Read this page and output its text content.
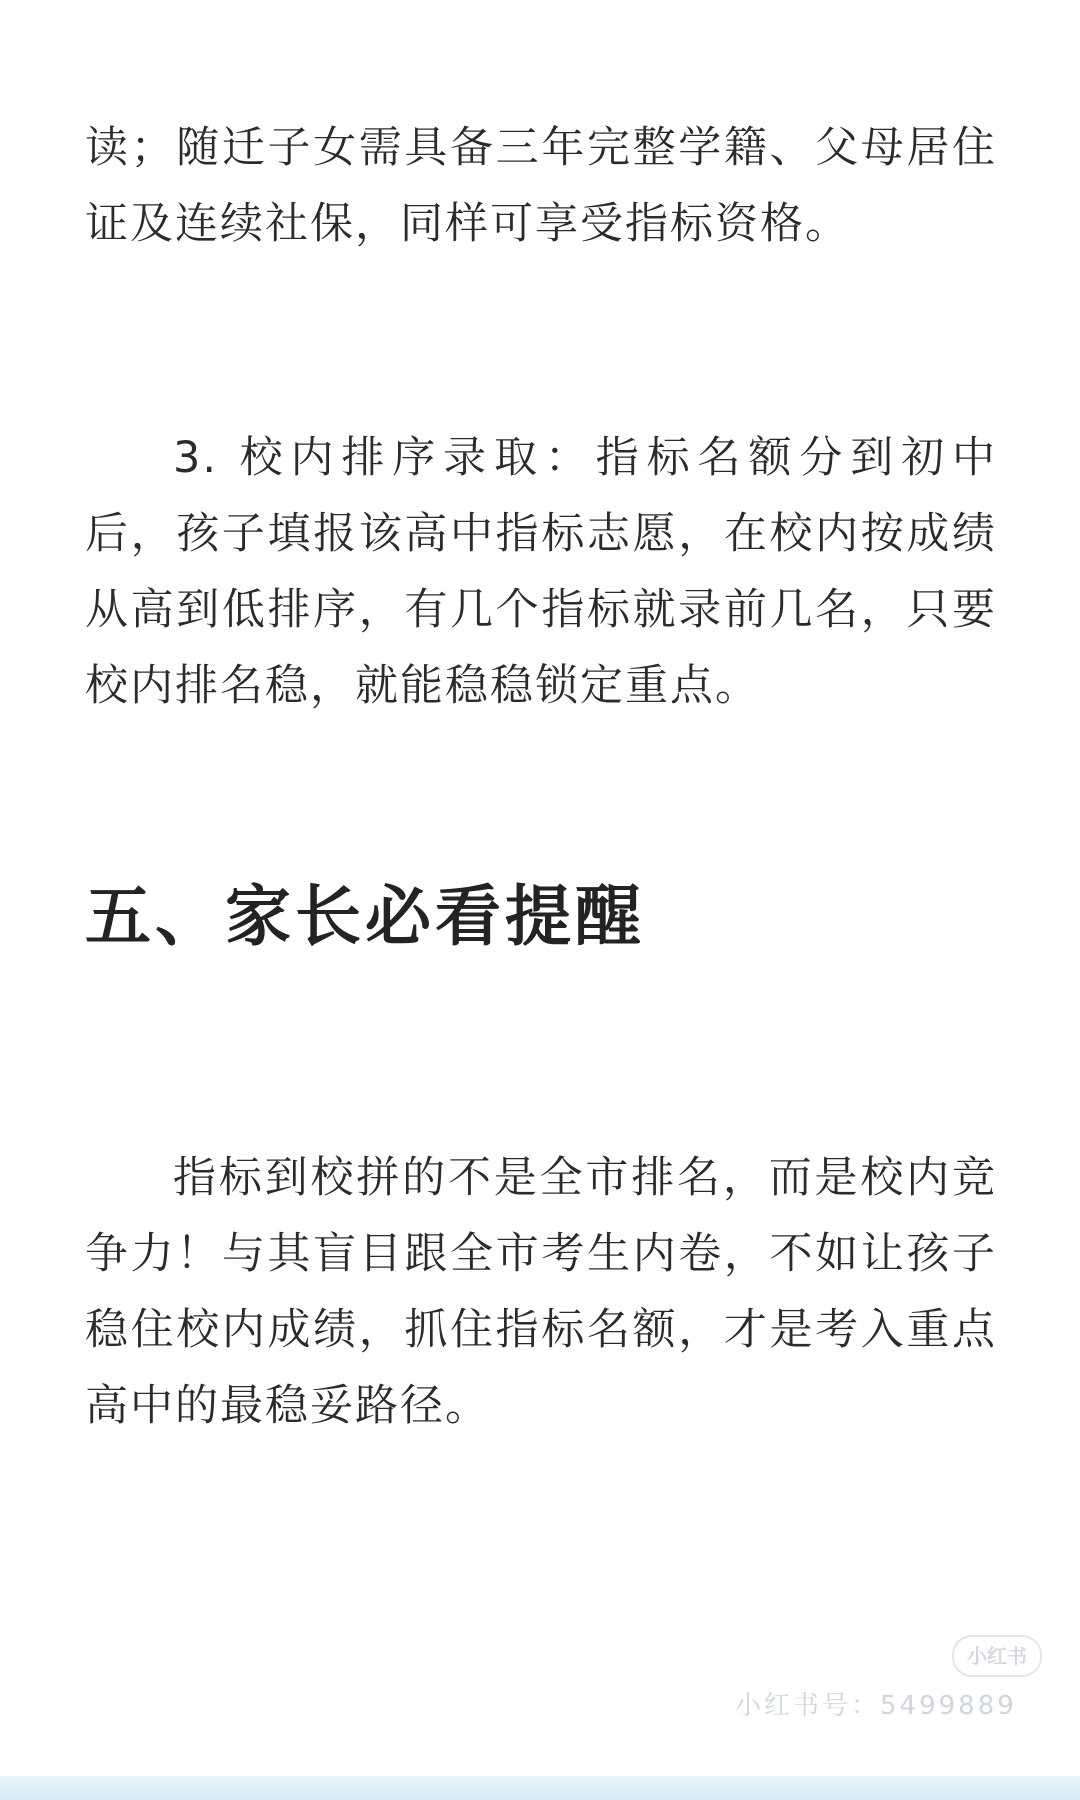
读；随迁子女需具备三年完整学籍、父母居住证及连续社保，同样可享受指标资格。

3. 校内排序录取：指标名额分到初中后，孩子填报该高中指标志愿，在校内按成绩从高到低排序，有几个指标就录前几名，只要校内排名稳，就能稳稳锁定重点。

五、家长必看提醒

指标到校拼的不是全市排名，而是校内竞争力！与其盲目跟全市考生内卷，不如让孩子稳住校内成绩，抓住指标名额，才是考入重点高中的最稳妥路径。

小红书
小红书号：5499889
